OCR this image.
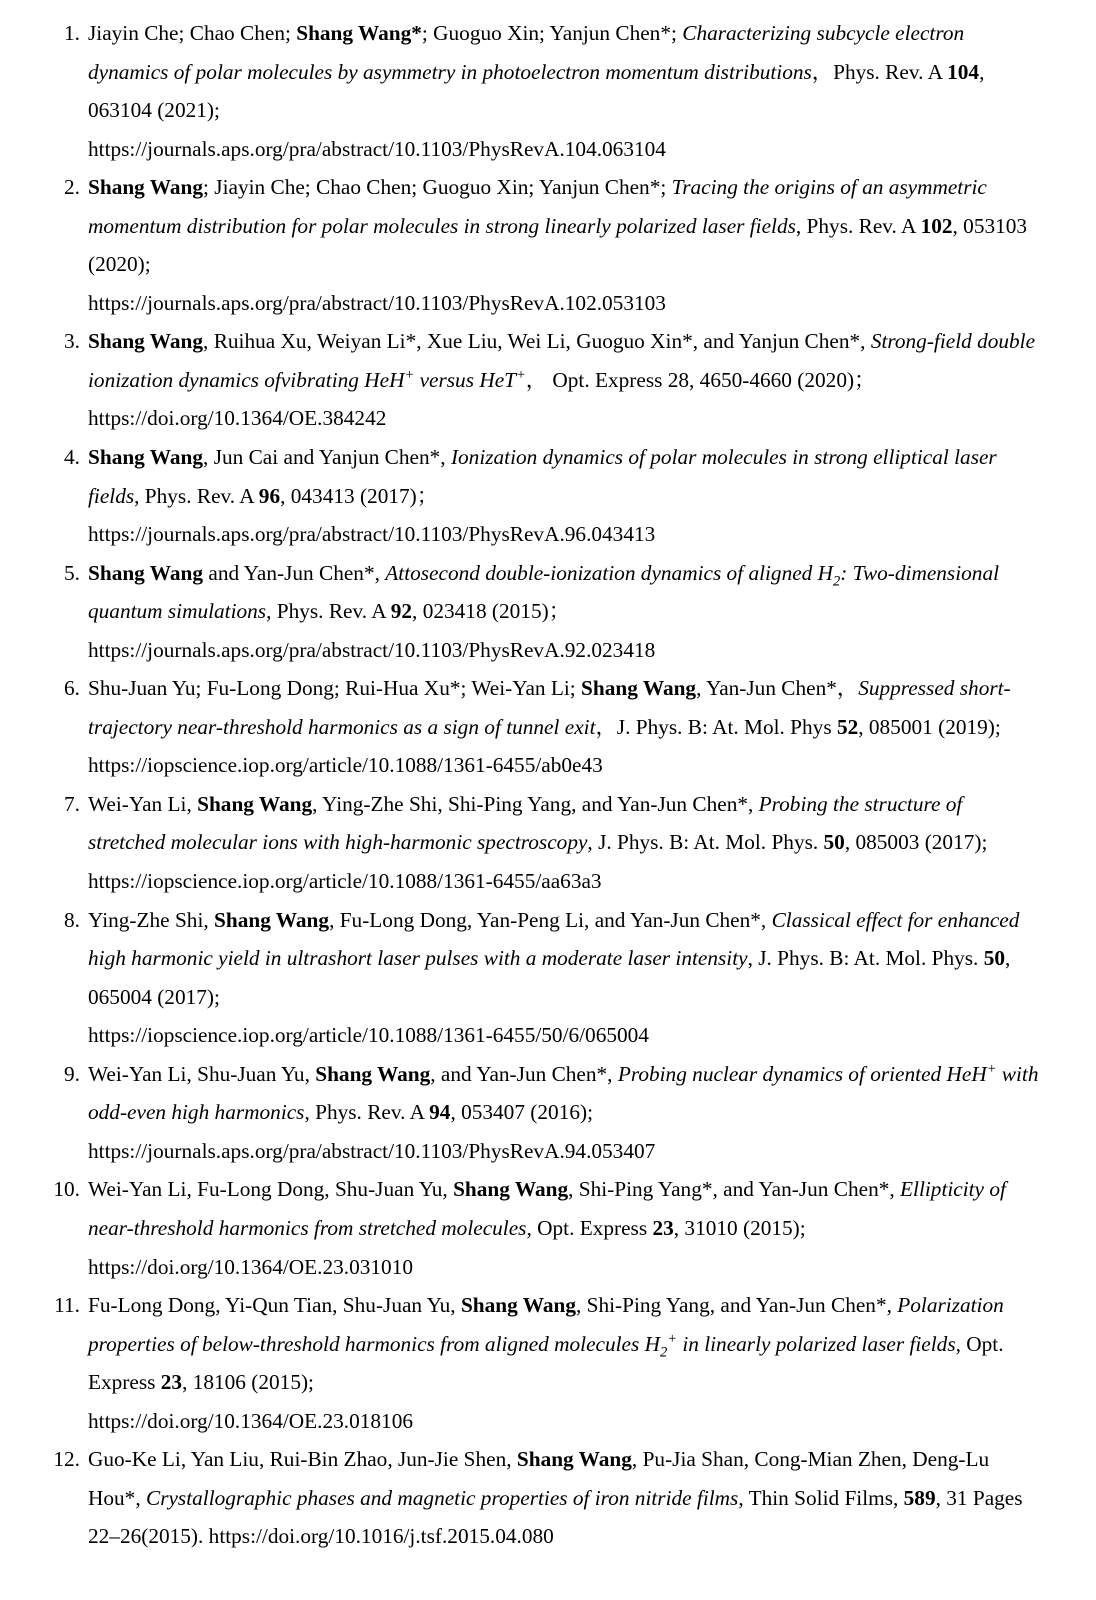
Jiayin Che; Chao Chen; Shang Wang*; Guoguo Xin; Yanjun Chen*; Characterizing subcycle electron dynamics of polar molecules by asymmetry in photoelectron momentum distributions，Phys. Rev. A 104, 063104 (2021);
https://journals.aps.org/pra/abstract/10.1103/PhysRevA.104.063104
Shang Wang; Jiayin Che; Chao Chen; Guoguo Xin; Yanjun Chen*; Tracing the origins of an asymmetric momentum distribution for polar molecules in strong linearly polarized laser fields, Phys. Rev. A 102, 053103 (2020);
https://journals.aps.org/pra/abstract/10.1103/PhysRevA.102.053103
Shang Wang, Ruihua Xu, Weiyan Li*, Xue Liu, Wei Li, Guoguo Xin*, and Yanjun Chen*, Strong-field double ionization dynamics ofvibrating HeH+ versus HeT+， Opt. Express 28, 4650-4660 (2020)；https://doi.org/10.1364/OE.384242
Shang Wang, Jun Cai and Yanjun Chen*, Ionization dynamics of polar molecules in strong elliptical laser fields, Phys. Rev. A 96, 043413 (2017)；
https://journals.aps.org/pra/abstract/10.1103/PhysRevA.96.043413
Shang Wang and Yan-Jun Chen*, Attosecond double-ionization dynamics of aligned $H_2$: Two-dimensional quantum simulations, Phys. Rev. A 92, 023418 (2015)；
https://journals.aps.org/pra/abstract/10.1103/PhysRevA.92.023418
Shu-Juan Yu; Fu-Long Dong; Rui-Hua Xu*; Wei-Yan Li; Shang Wang, Yan-Jun Chen*，Suppressed short-trajectory near-threshold harmonics as a sign of tunnel exit，J. Phys. B: At. Mol. Phys 52, 085001 (2019); https://iopscience.iop.org/article/10.1088/1361-6455/ab0e43
Wei-Yan Li, Shang Wang, Ying-Zhe Shi, Shi-Ping Yang, and Yan-Jun Chen*, Probing the structure of stretched molecular ions with high-harmonic spectroscopy, J. Phys. B: At. Mol. Phys. 50, 085003 (2017); https://iopscience.iop.org/article/10.1088/1361-6455/aa63a3
Ying-Zhe Shi, Shang Wang, Fu-Long Dong, Yan-Peng Li, and Yan-Jun Chen*, Classical effect for enhanced high harmonic yield in ultrashort laser pulses with a moderate laser intensity, J. Phys. B: At. Mol. Phys. 50, 065004 (2017);
https://iopscience.iop.org/article/10.1088/1361-6455/50/6/065004
Wei-Yan Li, Shu-Juan Yu, Shang Wang, and Yan-Jun Chen*, Probing nuclear dynamics of oriented HeH+ with odd-even high harmonics, Phys. Rev. A 94, 053407 (2016);
https://journals.aps.org/pra/abstract/10.1103/PhysRevA.94.053407
Wei-Yan Li, Fu-Long Dong, Shu-Juan Yu, Shang Wang, Shi-Ping Yang*, and Yan-Jun Chen*, Ellipticity of near-threshold harmonics from stretched molecules, Opt. Express 23, 31010 (2015); https://doi.org/10.1364/OE.23.031010
Fu-Long Dong, Yi-Qun Tian, Shu-Juan Yu, Shang Wang, Shi-Ping Yang, and Yan-Jun Chen*, Polarization properties of below-threshold harmonics from aligned molecules $H_2^+$ in linearly polarized laser fields, Opt. Express 23, 18106 (2015);
https://doi.org/10.1364/OE.23.018106
Guo-Ke Li, Yan Liu, Rui-Bin Zhao, Jun-Jie Shen, Shang Wang, Pu-Jia Shan, Cong-Mian Zhen, Deng-Lu Hou*, Crystallographic phases and magnetic properties of iron nitride films, Thin Solid Films, 589, 31 Pages 22–26(2015). https://doi.org/10.1016/j.tsf.2015.04.080
